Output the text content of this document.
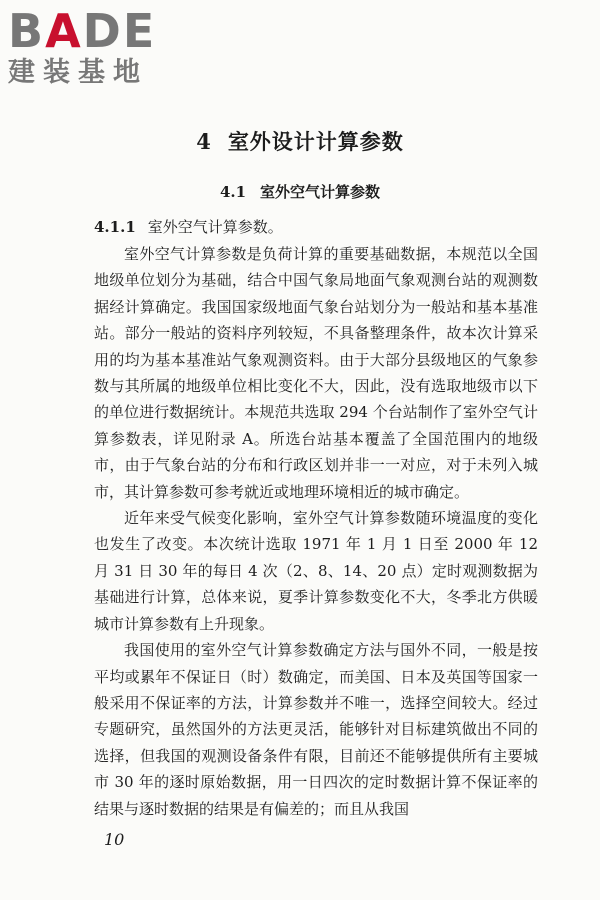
BADE

建装基地

4 室外设计计算参数
4.1 室外空气计算参数

4.1.1 室外空气计算参数。

室外空气计算参数是负荷计算的重要基础数据，本规范以全国地级单位划分为基础，结合中国气象局地面气象观测台站的观测数据经计算确定。我国国家级地面气象台站划分为一般站和基本基准站。部分一般站的资料序列较短，不具备整理条件，故本次计算采用的均为基本基准站气象观测资料。由于大部分县级地区的气象参数与其所属的地级单位相比变化不大，因此，没有选取地级市以下的单位进行数据统计。本规范共选取 294 个台站制作了室外空气计算参数表，详见附录 A。所选台站基本覆盖了全国范围内的地级市，由于气象台站的分布和行政区划并非一一对应，对于未列入城市，其计算参数可参考就近或地理环境相近的城市确定。

近年来受气候变化影响，室外空气计算参数随环境温度的变化也发生了改变。本次统计选取 1971 年 1 月 1 日至 2000 年 12 月 31 日 30 年的每日 4 次（2、8、14、20 点）定时观测数据为基础进行计算，总体来说，夏季计算参数变化不大，冬季北方供暖城市计算参数有上升现象。

我国使用的室外空气计算参数确定方法与国外不同，一般是按平均或累年不保证日（时）数确定，而美国、日本及英国等国家一般采用不保证率的方法，计算参数并不唯一，选择空间较大。经过专题研究，虽然国外的方法更灵活，能够针对目标建筑做出不同的选择，但我国的观测设备条件有限，目前还不能够提供所有主要城市 30 年的逐时原始数据，用一日四次的定时数据计算不保证率的结果与逐时数据的结果是有偏差的；而且从我国

10
